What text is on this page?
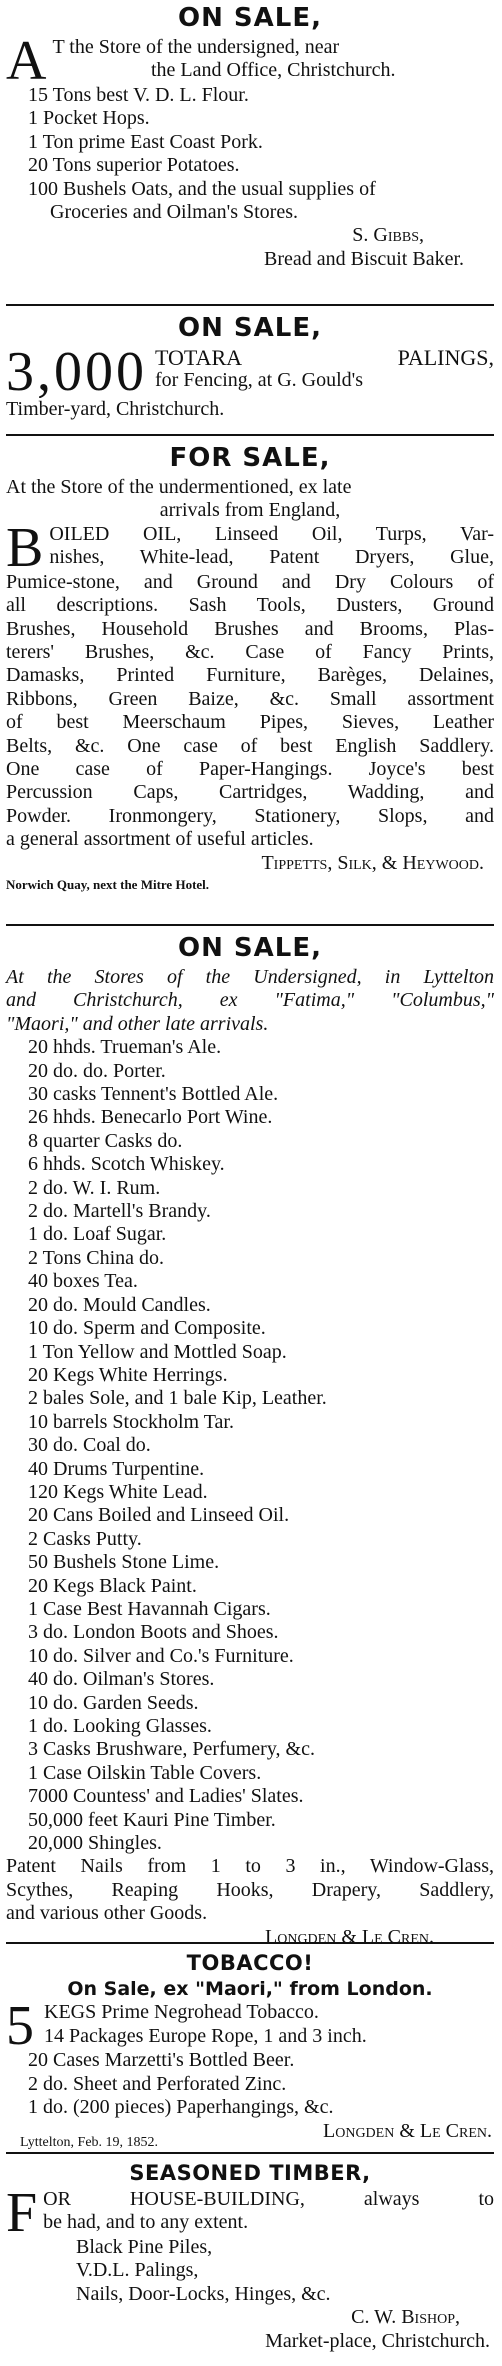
ON SALE,
A T the Store of the undersigned, near
the Land Office, Christchurch.
15 Tons best V. D. L. Flour.
1 Pocket Hops.
1 Ton prime East Coast Pork.
20 Tons superior Potatoes.
100 Bushels Oats, and the usual supplies of
Groceries and Oilman's Stores.
S. Gibbs,
Bread and Biscuit Baker.
ON SALE,
3,000 TOTARA PALINGS,
for Fencing, at G. Gould's
Timber-yard, Christchurch.
FOR SALE,
At the Store of the undermentioned, ex late
arrivals from England,
B OILED OIL, Linseed Oil, Turps, Var-
nishes, White-lead, Patent Dryers, Glue,
Pumice-stone, and Ground and Dry Colours of
all descriptions. Sash Tools, Dusters, Ground
Brushes, Household Brushes and Brooms, Plas-
terers' Brushes, &c. Case of Fancy Prints,
Damasks, Printed Furniture, Barèges, Delaines,
Ribbons, Green Baize, &c. Small assortment
of best Meerschaum Pipes, Sieves, Leather
Belts, &c. One case of best English Saddlery.
One case of Paper-Hangings. Joyce's best
Percussion Caps, Cartridges, Wadding, and
Powder. Ironmongery, Stationery, Slops, and
a general assortment of useful articles.
Tippetts, Silk, & Heywood.
Norwich Quay, next the Mitre Hotel.
ON SALE,
At the Stores of the Undersigned, in Lyttelton
and Christchurch, ex "Fatima," "Columbus,"
"Maori," and other late arrivals.
20 hhds. Trueman's Ale.
20 do. do. Porter.
30 casks Tennent's Bottled Ale.
26 hhds. Benecarlo Port Wine.
8 quarter Casks do.
6 hhds. Scotch Whiskey.
2 do. W. I. Rum.
2 do. Martell's Brandy.
1 do. Loaf Sugar.
2 Tons China do.
40 boxes Tea.
20 do. Mould Candles.
10 do. Sperm and Composite.
1 Ton Yellow and Mottled Soap.
20 Kegs White Herrings.
2 bales Sole, and 1 bale Kip, Leather.
10 barrels Stockholm Tar.
30 do. Coal do.
40 Drums Turpentine.
120 Kegs White Lead.
20 Cans Boiled and Linseed Oil.
2 Casks Putty.
50 Bushels Stone Lime.
20 Kegs Black Paint.
1 Case Best Havannah Cigars.
3 do. London Boots and Shoes.
10 do. Silver and Co.'s Furniture.
40 do. Oilman's Stores.
10 do. Garden Seeds.
1 do. Looking Glasses.
3 Casks Brushware, Perfumery, &c.
1 Case Oilskin Table Covers.
7000 Countess' and Ladies' Slates.
50,000 feet Kauri Pine Timber.
20,000 Shingles.
Patent Nails from 1 to 3 in., Window-Glass,
Scythes, Reaping Hooks, Drapery, Saddlery,
and various other Goods.
Longden & Le Cren.
TOBACCO!
On Sale, ex "Maori," from London.
5 KEGS Prime Negrohead Tobacco.
14 Packages Europe Rope, 1 and 3 inch.
20 Cases Marzetti's Bottled Beer.
2 do. Sheet and Perforated Zinc.
1 do. (200 pieces) Paperhangings, &c.
Longden & Le Cren.
Lyttelton, Feb. 19, 1852.
SEASONED TIMBER,
F OR HOUSE-BUILDING, always to
be had, and to any extent.
Black Pine Piles,
V.D.L. Palings,
Nails, Door-Locks, Hinges, &c.
C. W. Bishop,
Market-place, Christchurch.
